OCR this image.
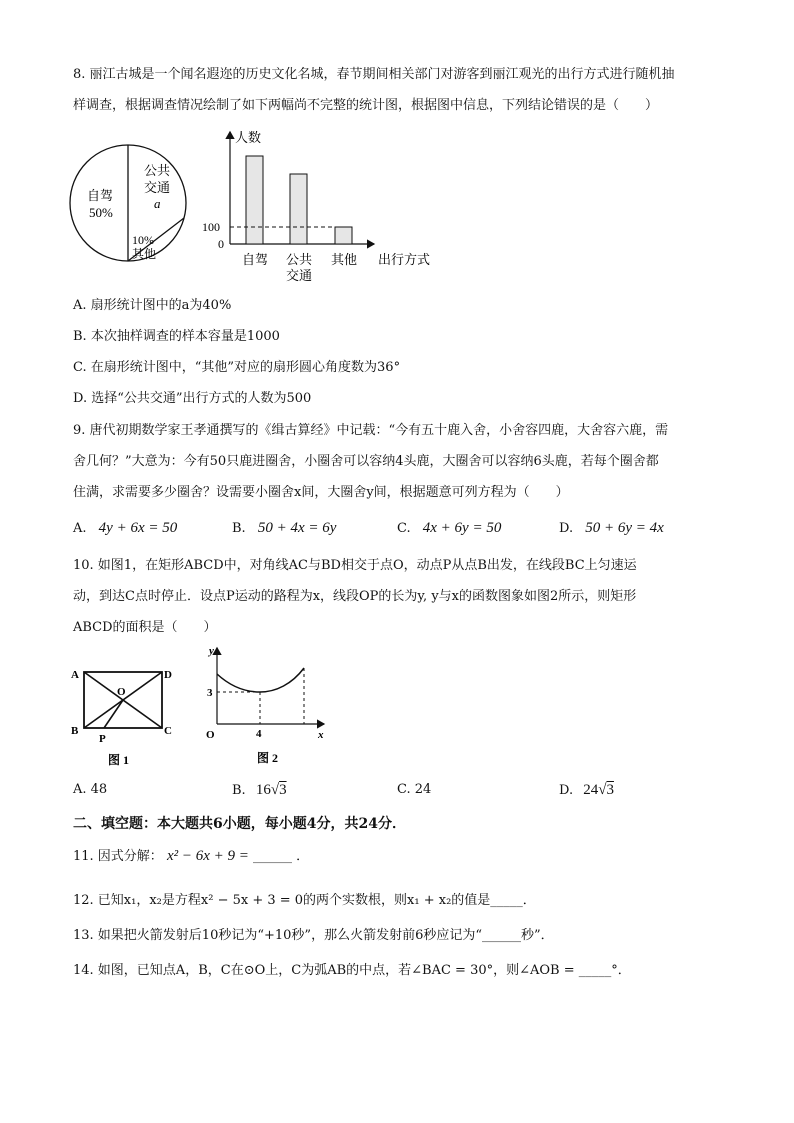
8. 丽江古城是一个闻名遐迩的历史文化名城，春节期间相关部门对游客到丽江观光的出行方式进行随机抽
样调查，根据调查情况绘制了如下两幅尚不完整的统计图，根据图中信息，下列结论错误的是（　　）
自驾
50%
公共
交通
a
10%
其他
人数
100
0
自驾 公共
交通
其他 出行方式
A. 扇形统计图中的a为40%
B. 本次抽样调查的样本容量是1000
C. 在扇形统计图中，“其他”对应的扇形圆心角度数为36°
D. 选择“公共交通”出行方式的人数为500
9. 唐代初期数学家王孝通撰写的《缉古算经》中记载：“今有五十鹿入舍，小舍容四鹿，大舍容六鹿，需
舍几何？”大意为：今有50只鹿进圈舍，小圈舍可以容纳4头鹿，大圈舍可以容纳6头鹿，若每个圈舍都
住满，求需要多少圈舍？设需要小圈舍x间，大圈舍y间，根据题意可列方程为（　　）
A. 4y + 6x = 50	B. 50 + 4x = 6y	C. 4x + 6y = 50	D. 50 + 6y = 4x
10. 如图1，在矩形ABCD中，对角线AC与BD相交于点O，动点P从点B出发，在线段BC上匀速运
动，到达C点时停止．设点P运动的路程为x，线段OP的长为y, y与x的函数图象如图2所示，则矩形
ABCD的面积是（　　）
A	D
B	C
O
P
图 1
y
x
O
3
4
图 2
A. 48	B. 16√3	C. 24	D. 24√3
二、填空题：本大题共6小题，每小题4分，共24分．
11. 因式分解： x² − 6x + 9 = ______ ．
12. 已知x₁，x₂是方程x² − 5x + 3 = 0的两个实数根，则x₁ + x₂的值是_____．
13. 如果把火箭发射后10秒记为“+10秒”，那么火箭发射前6秒应记为“______秒”．
14. 如图，已知点A，B，C在⊙O上，C为弧AB的中点，若∠BAC = 30°，则∠AOB = _____°．
